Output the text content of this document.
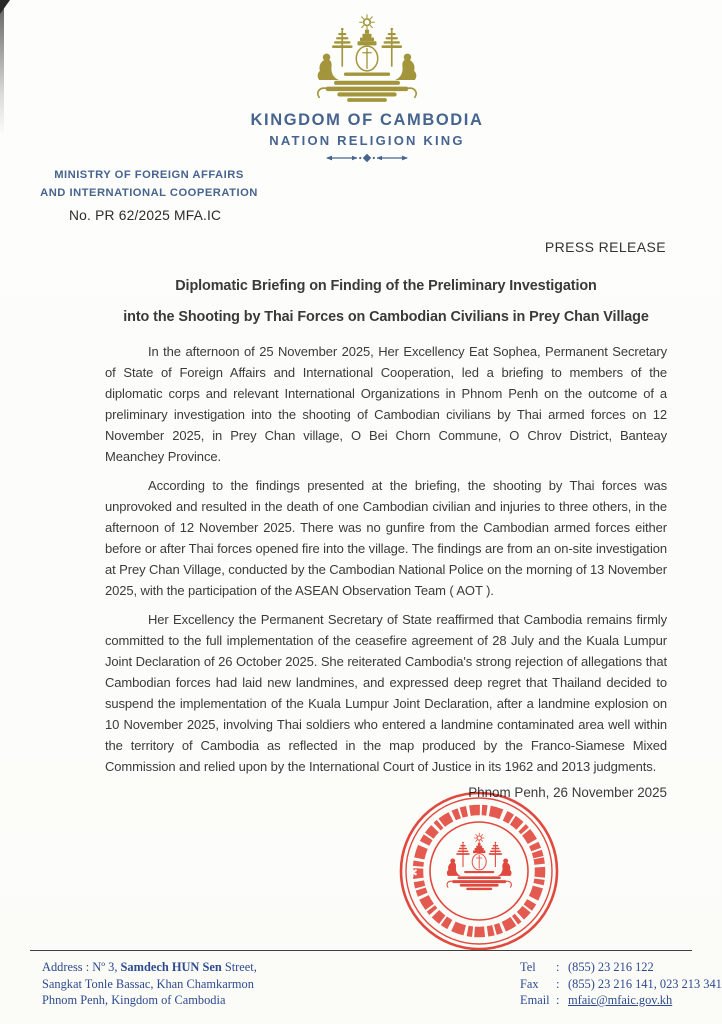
KINGDOM OF CAMBODIA
NATION RELIGION KING
MINISTRY OF FOREIGN AFFAIRS
AND INTERNATIONAL COOPERATION
No. PR 62/2025 MFA.IC
PRESS RELEASE
Diplomatic Briefing on Finding of the Preliminary Investigation
into the Shooting by Thai Forces on Cambodian Civilians in Prey Chan Village

In the afternoon of 25 November 2025, Her Excellency Eat Sophea, Permanent Secretary of State of Foreign Affairs and International Cooperation, led a briefing to members of the diplomatic corps and relevant International Organizations in Phnom Penh on the outcome of a preliminary investigation into the shooting of Cambodian civilians by Thai armed forces on 12 November 2025, in Prey Chan village, O Bei Chorn Commune, O Chrov District, Banteay Meanchey Province.

According to the findings presented at the briefing, the shooting by Thai forces was unprovoked and resulted in the death of one Cambodian civilian and injuries to three others, in the afternoon of 12 November 2025. There was no gunfire from the Cambodian armed forces either before or after Thai forces opened fire into the village. The findings are from an on-site investigation at Prey Chan Village, conducted by the Cambodian National Police on the morning of 13 November 2025, with the participation of the ASEAN Observation Team ( AOT ).

Her Excellency the Permanent Secretary of State reaffirmed that Cambodia remains firmly committed to the full implementation of the ceasefire agreement of 28 July and the Kuala Lumpur Joint Declaration of 26 October 2025. She reiterated Cambodia's strong rejection of allegations that Cambodian forces had laid new landmines, and expressed deep regret that Thailand decided to suspend the implementation of the Kuala Lumpur Joint Declaration, after a landmine explosion on 10 November 2025, involving Thai soldiers who entered a landmine contaminated area well within the territory of Cambodia as reflected in the map produced by the Franco-Siamese Mixed Commission and relied upon by the International Court of Justice in its 1962 and 2013 judgments.

Phnom Penh, 26 November 2025
✱
Address : Nº 3, Samdech HUN Sen Street,
Sangkat Tonle Bassac, Khan Chamkarmon
Phnom Penh, Kingdom of Cambodia
Tel	: (855) 23 216 122
Fax	: (855) 23 216 141, 023 213 341
Email : mfaic@mfaic.gov.kh
